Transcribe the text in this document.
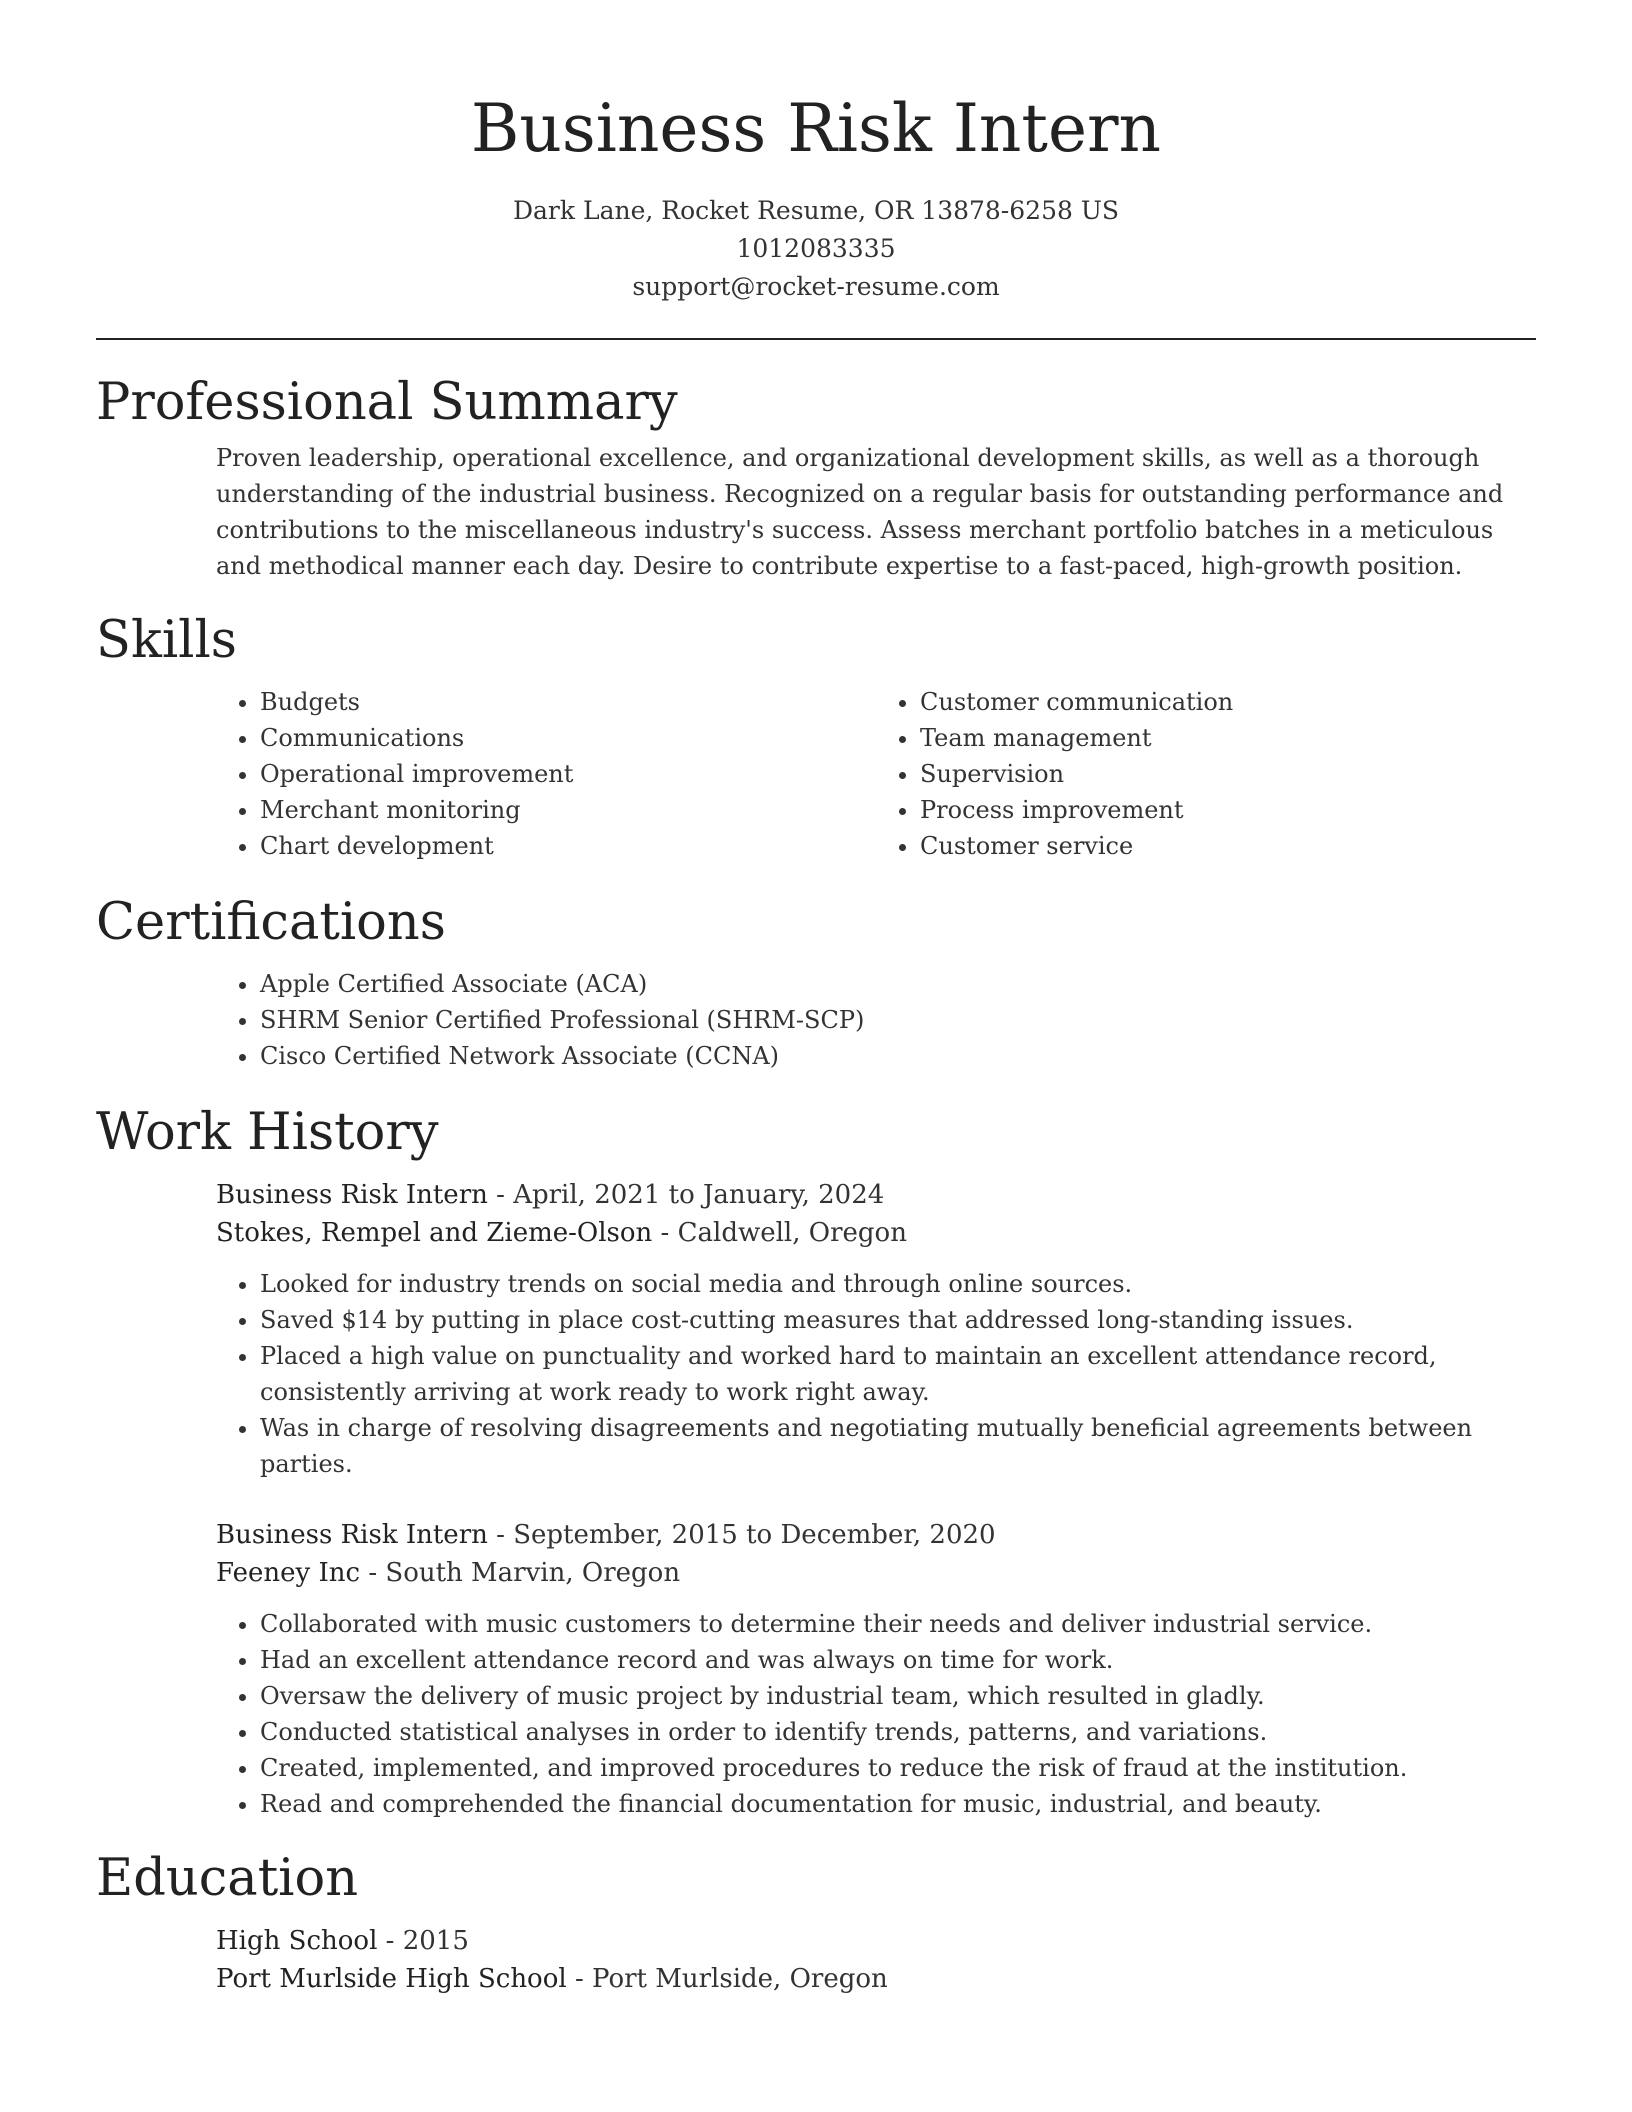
Business Risk Intern
Dark Lane, Rocket Resume, OR 13878-6258 US
1012083335
support@rocket-resume.com
Professional Summary

Proven leadership, operational excellence, and organizational development skills, as well as a thorough understanding of the industrial business. Recognized on a regular basis for outstanding performance and contributions to the miscellaneous industry's success. Assess merchant portfolio batches in a meticulous and methodical manner each day. Desire to contribute expertise to a fast-paced, high-growth position.

Skills
• Budgets
• Communications
• Operational improvement
• Merchant monitoring
• Chart development
• Customer communication
• Team management
• Supervision
• Process improvement
• Customer service
Certifications
• Apple Certified Associate (ACA)
• SHRM Senior Certified Professional (SHRM-SCP)
• Cisco Certified Network Associate (CCNA)
Work History
Business Risk Intern - April, 2021 to January, 2024
Stokes, Rempel and Zieme-Olson - Caldwell, Oregon
• Looked for industry trends on social media and through online sources.
• Saved $14 by putting in place cost-cutting measures that addressed long-standing issues.
• Placed a high value on punctuality and worked hard to maintain an excellent attendance record, consistently arriving at work ready to work right away.
• Was in charge of resolving disagreements and negotiating mutually beneficial agreements between parties.
Business Risk Intern - September, 2015 to December, 2020
Feeney Inc - South Marvin, Oregon
• Collaborated with music customers to determine their needs and deliver industrial service.
• Had an excellent attendance record and was always on time for work.
• Oversaw the delivery of music project by industrial team, which resulted in gladly.
• Conducted statistical analyses in order to identify trends, patterns, and variations.
• Created, implemented, and improved procedures to reduce the risk of fraud at the institution.
• Read and comprehended the financial documentation for music, industrial, and beauty.
Education
High School - 2015
Port Murlside High School - Port Murlside, Oregon
